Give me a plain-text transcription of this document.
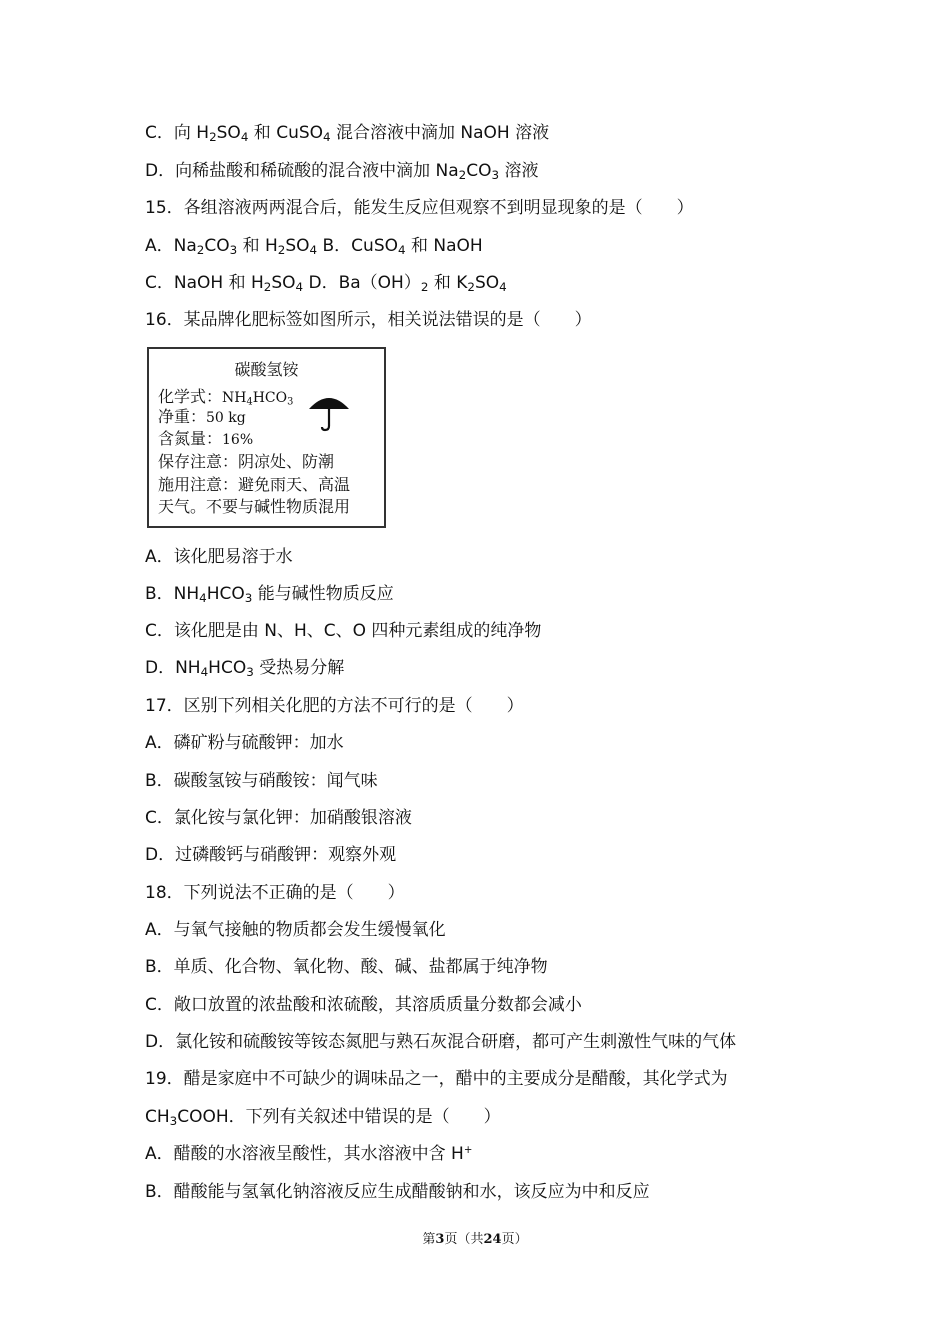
C．向 $H_2SO_4$ 和 CuSO$_4$ 混合溶液中滴加 NaOH 溶液
D．向稀盐酸和稀硫酸的混合液中滴加 $Na_2CO_3$ 溶液
15．各组溶液两两混合后，能发生反应但观察不到明显现象的是（　　）
A．$Na_2CO_3$ 和 $H_2SO_4$ B．CuSO$_4$ 和 NaOH
C．NaOH 和 $H_2SO_4$ D．$Ba(OH)_2$ 和 $K_2SO_4$
16．某品牌化肥标签如图所示，相关说法错误的是（　　）
A．该化肥易溶于水
B．$NH_4HCO_3$ 能与碱性物质反应
C．该化肥是由 N、H、C、O 四种元素组成的纯净物
D．$NH_4HCO_3$ 受热易分解
17．区别下列相关化肥的方法不可行的是（　　）
A．磷矿粉与硫酸钾：加水
B．碳酸氢铵与硝酸铵：闻气味
C．氯化铵与氯化钾：加硝酸银溶液
D．过磷酸钙与硝酸钾：观察外观
18．下列说法不正确的是（　　）
A．与氧气接触的物质都会发生缓慢氧化
B．单质、化合物、氧化物、酸、碱、盐都属于纯净物
C．敞口放置的浓盐酸和浓硫酸，其溶质质量分数都会减小
D．氯化铵和硫酸铵等铵态氮肥与熟石灰混合研磨，都可产生刺激性气味的气体
19．醋是家庭中不可缺少的调味品之一，醋中的主要成分是醋酸，其化学式为
$CH_3COOH$．下列有关叙述中错误的是（　　）
A．醋酸的水溶液呈酸性，其水溶液中含 H+
B．醋酸能与氢氧化钠溶液反应生成醋酸钠和水，该反应为中和反应
碳酸氢铵
化学式：$NH_4HCO_3$
净重：50 kg
含氮量：16%
保存注意：阴凉处、防潮
施用注意：避免雨天、高温
天气。不要与碱性物质混用
第3页（共24页）
